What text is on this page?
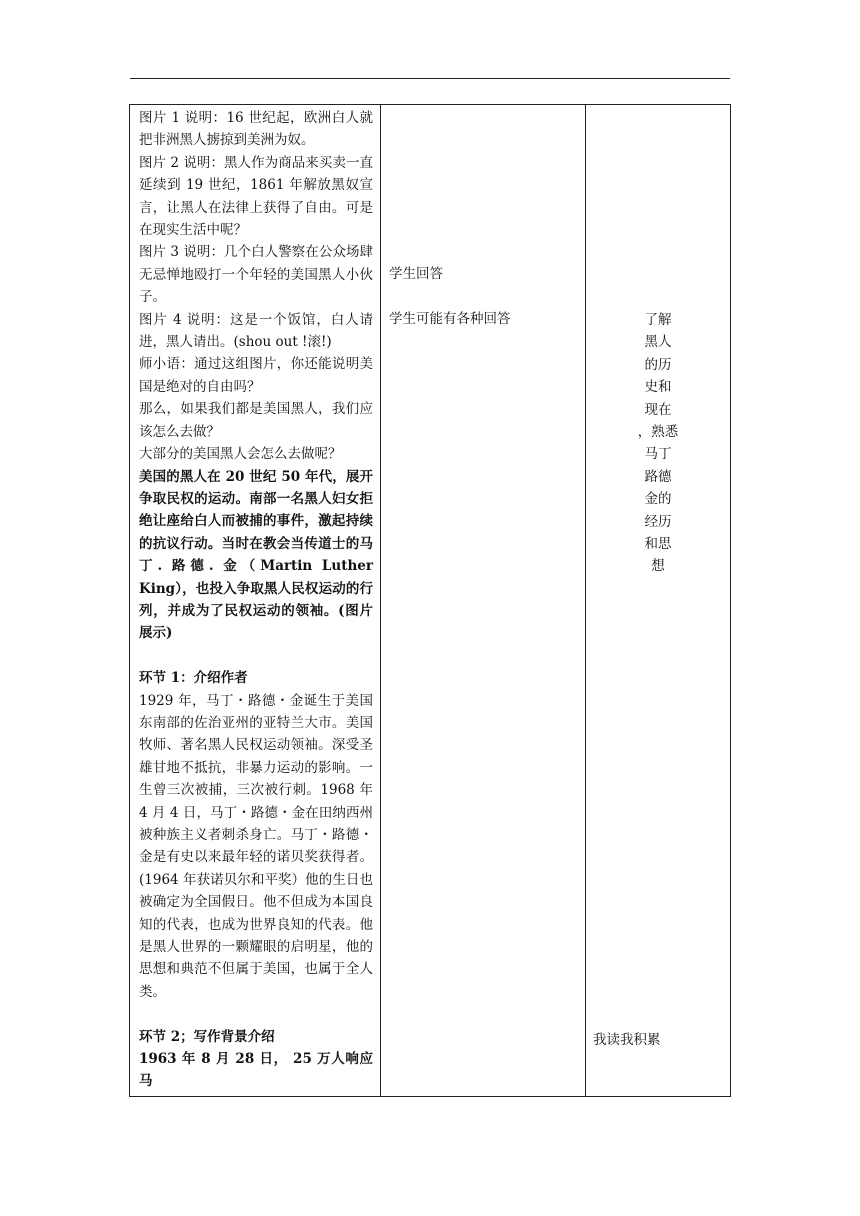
图片 1 说明：16 世纪起，欧洲白人就把非洲黑人掳掠到美洲为奴。

图片 2 说明：黑人作为商品来买卖一直延续到 19 世纪，1861 年解放黑奴宣言，让黑人在法律上获得了自由。可是在现实生活中呢？

图片 3 说明：几个白人警察在公众场肆无忌惮地殴打一个年轻的美国黑人小伙子。

图片 4 说明：这是一个饭馆，白人请进，黑人请出。(shou out !滚!)

师小语：通过这组图片，你还能说明美国是绝对的自由吗？

那么，如果我们都是美国黑人，我们应该怎么去做？

大部分的美国黑人会怎么去做呢？

美国的黑人在 20 世纪 50 年代，展开争取民权的运动。南部一名黑人妇女拒绝让座给白人而被捕的事件，激起持续的抗议行动。当时在教会当传道士的马丁. 路德. 金（Martin Luther King），也投入争取黑人民权运动的行列，并成为了民权运动的领袖。(图片展示)

环节 1：介绍作者

1929 年，马丁・路德・金诞生于美国东南部的佐治亚州的亚特兰大市。美国牧师、著名黑人民权运动领袖。深受圣雄甘地不抵抗，非暴力运动的影响。一生曾三次被捕，三次被行刺。1968 年 4 月 4 日，马丁・路德・金在田纳西州被种族主义者刺杀身亡。马丁・路德・金是有史以来最年轻的诺贝奖获得者。(1964 年获诺贝尔和平奖）他的生日也被确定为全国假日。他不但成为本国良知的代表，也成为世界良知的代表。他是黑人世界的一颗耀眼的启明星，他的思想和典范不但属于美国，也属于全人类。

环节 2；写作背景介绍

1963 年 8 月 28 日， 25 万人响应马

学生回答
学生可能有各种回答	了解
黑人
的历
史和
现在
，熟悉
马丁
路德
金的
经历
和思
想
我读我积累
